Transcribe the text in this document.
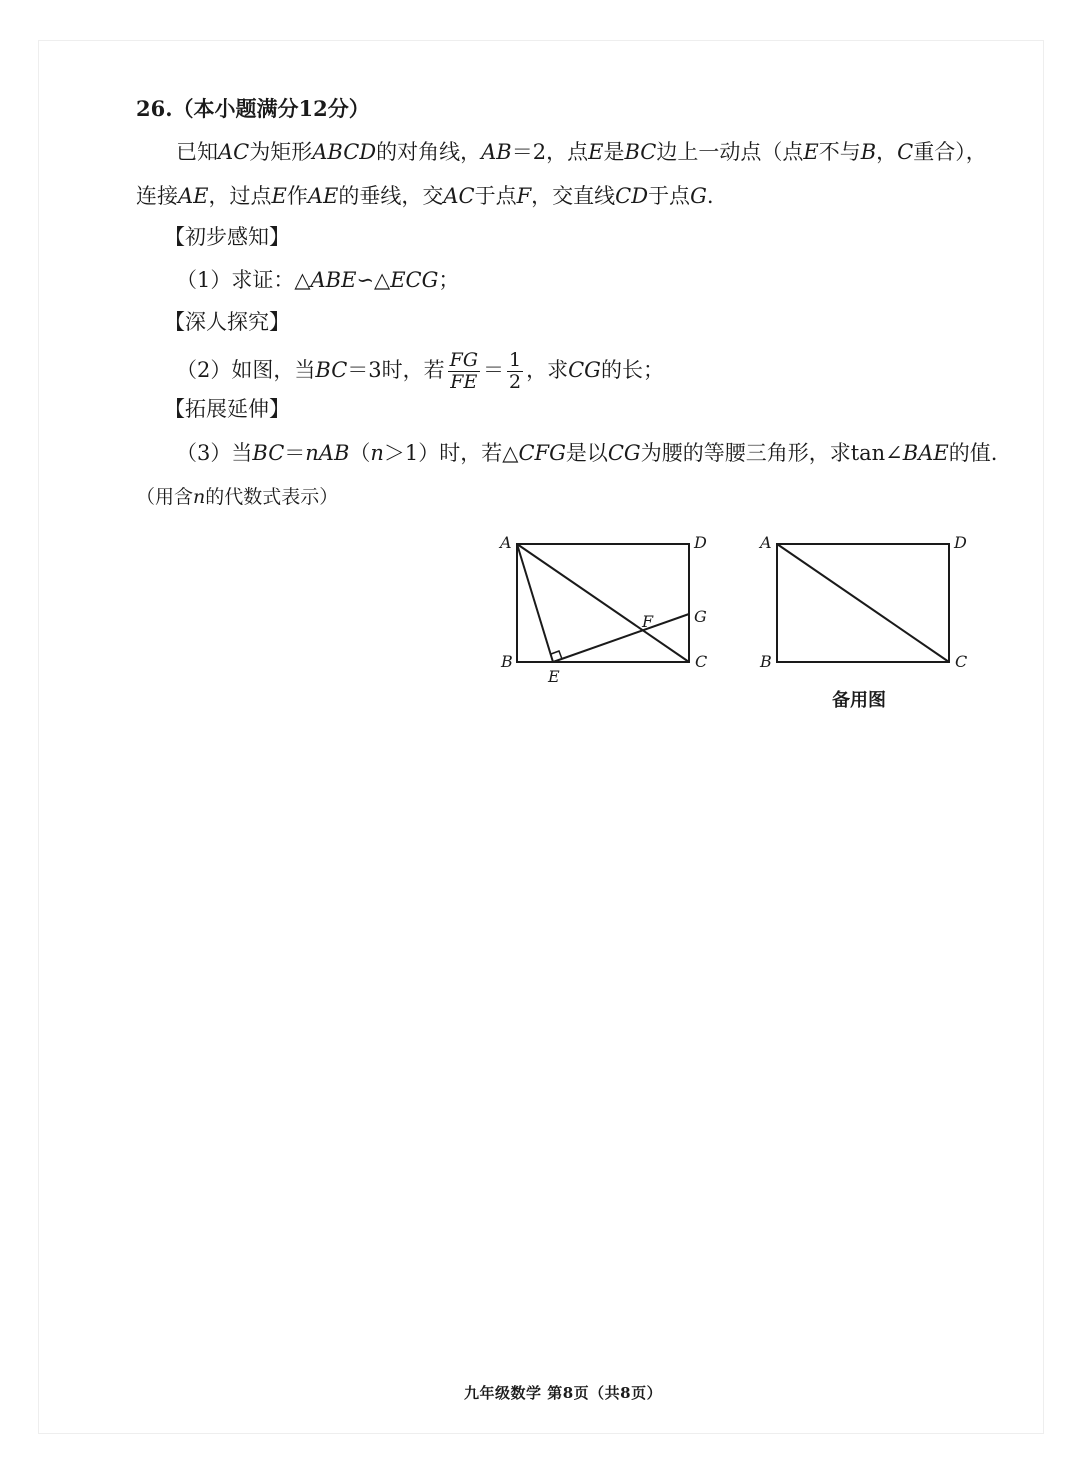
26.（本小题满分12分）
已知AC为矩形ABCD的对角线，AB＝2，点E是BC边上一动点（点E不与B，C重合），
连接AE，过点E作AE的垂线，交AC于点F，交直线CD于点G.
【初步感知】
（1）求证：△ABE∽△ECG；
【深人探究】
（2）如图，当BC＝3时，若 $\frac{FG}{FE} = \frac{1}{2}$ ，求CG的长；
【拓展延伸】
（3）当BC＝nAB（n＞1）时，若△CFG是以CG为腰的等腰三角形，求tan∠BAE的值.
（用含n的代数式表示）
A	D
B	C
E
F	G
A	D
B	C
备用图
九年级数学 第8页（共8页）
